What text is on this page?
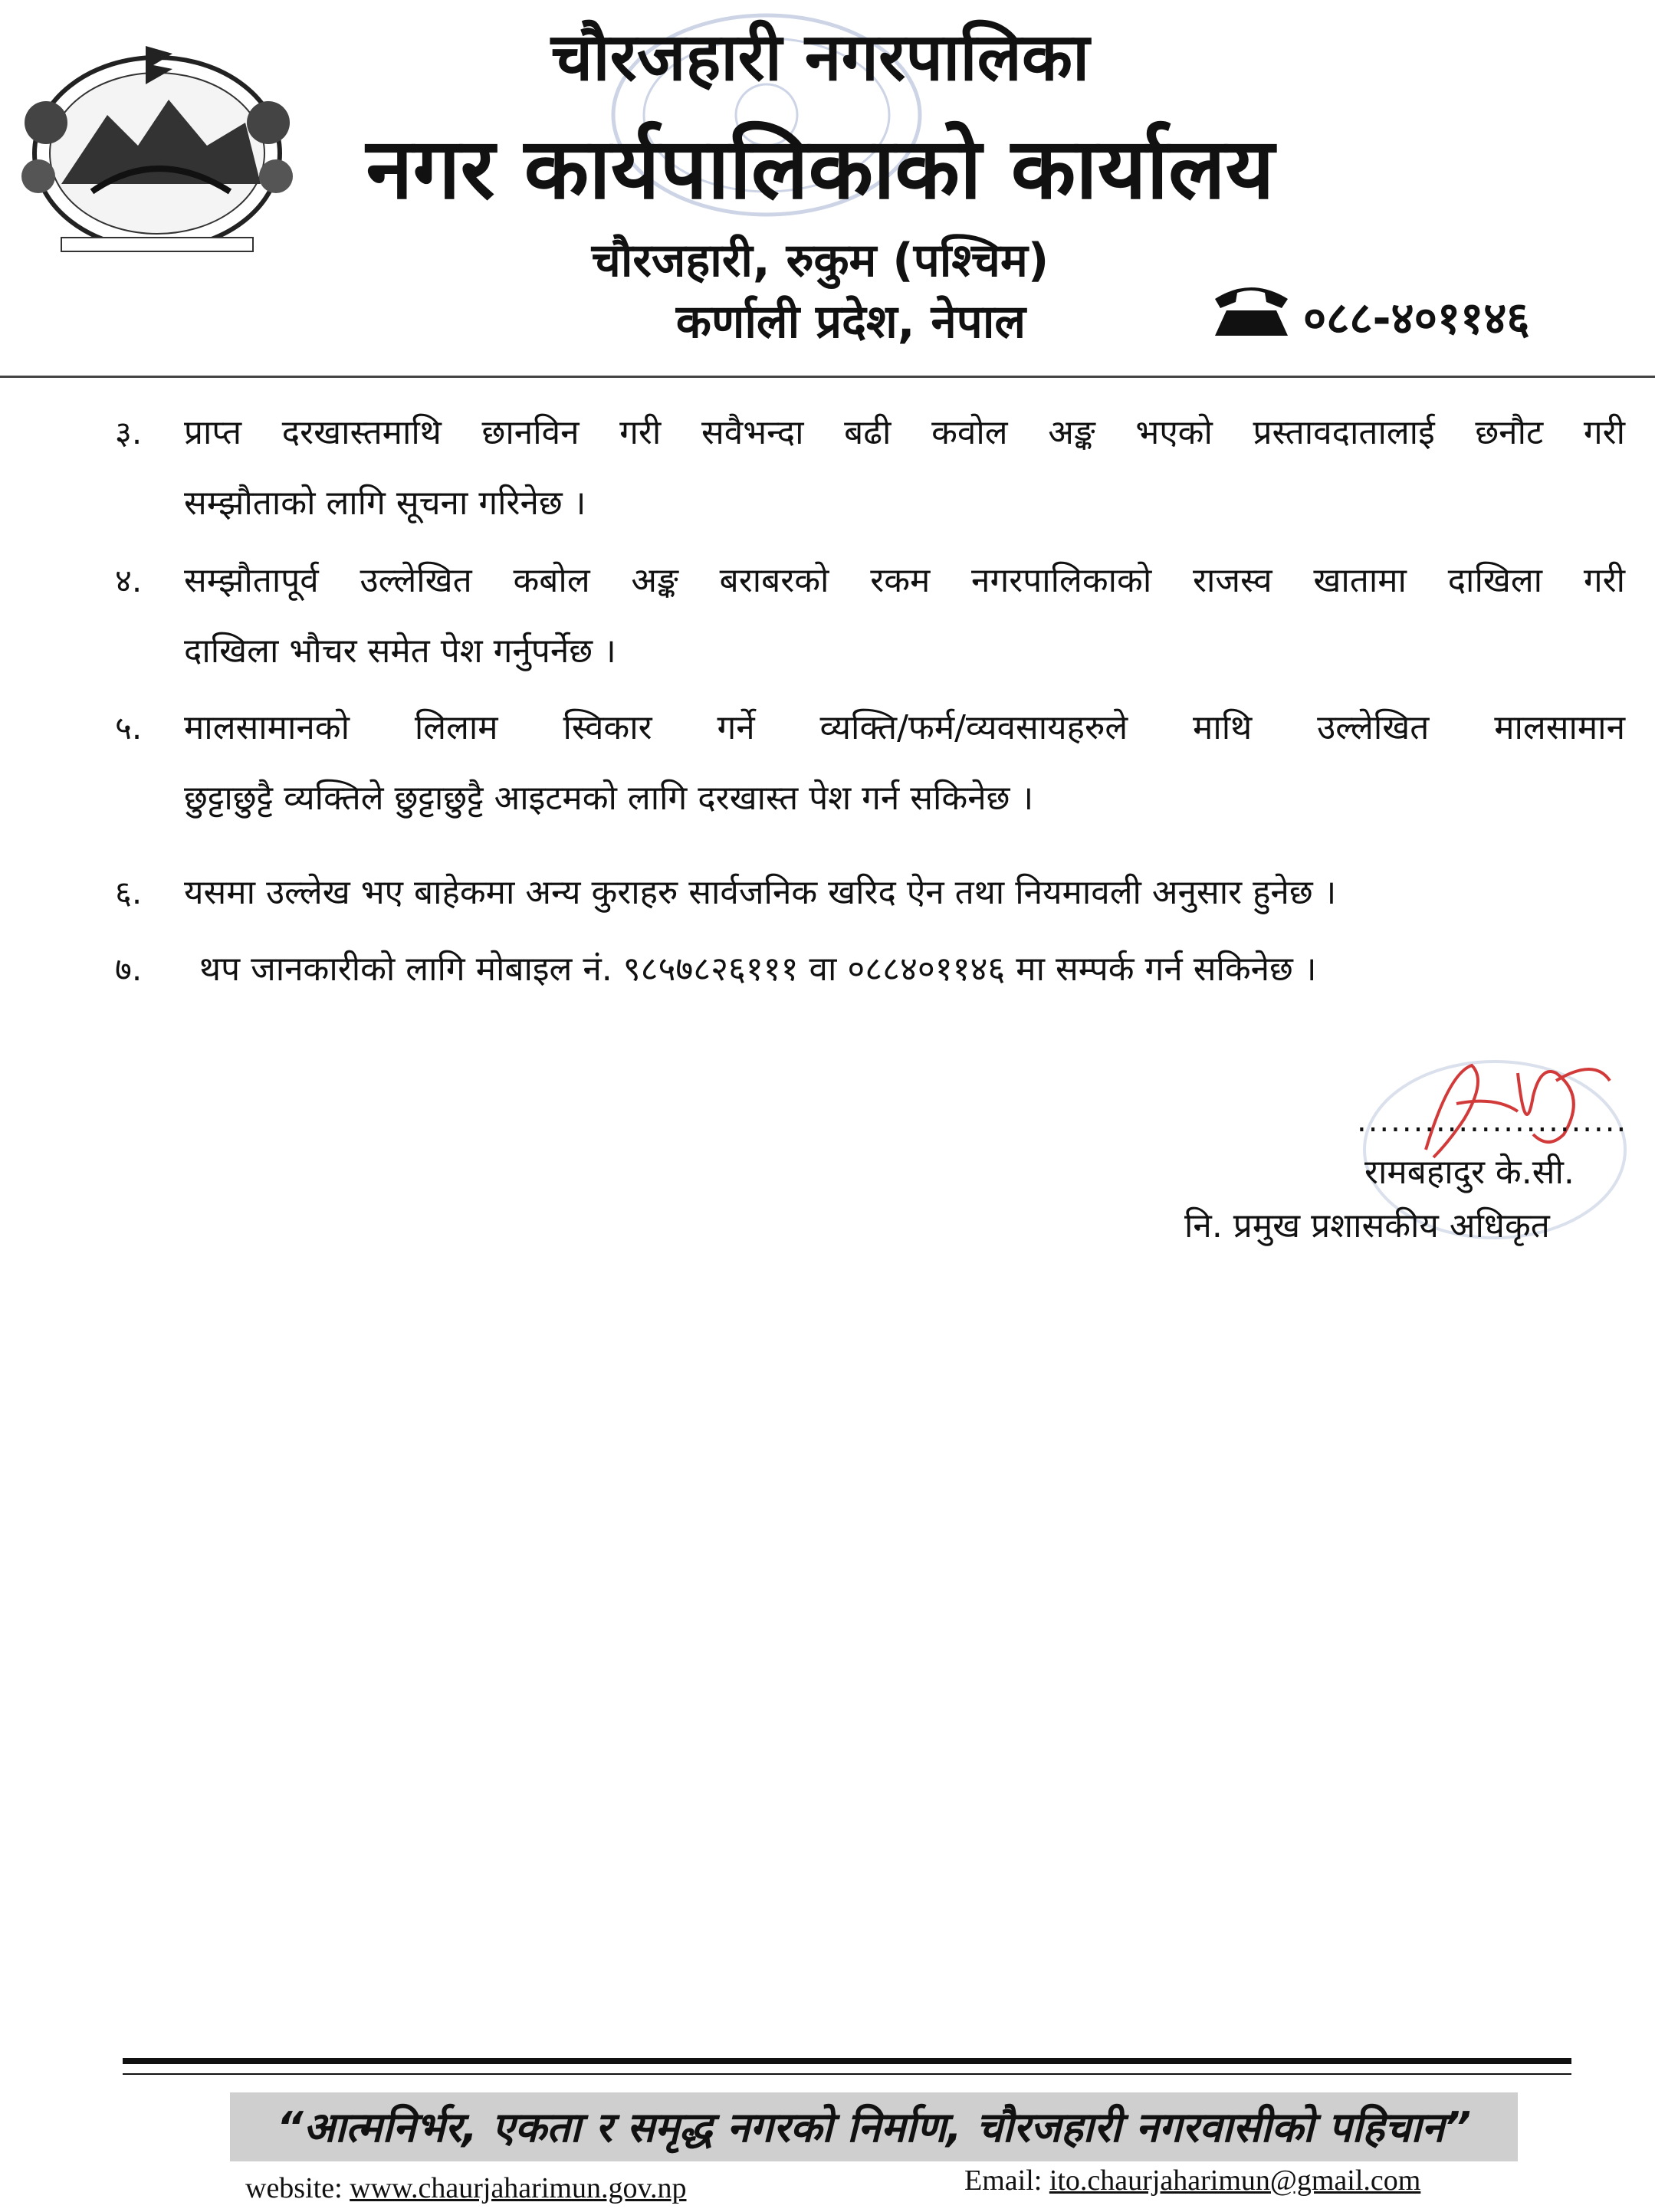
चौरजहारी नगरपालिका
नगर कार्यपालिकाको कार्यालय
चौरजहारी, रुकुम (पश्चिम)
कर्णाली प्रदेश, नेपाल	०८८-४०११४६
३. प्राप्त दरखास्तमाथि छानविन गरी सवैभन्दा बढी कवोल अङ्क भएको प्रस्तावदातालाई छनौट गरी
सम्झौताको लागि सूचना गरिनेछ ।
४. सम्झौतापूर्व उल्लेखित कबोल अङ्क बराबरको रकम नगरपालिकाको राजस्व खातामा दाखिला गरी
दाखिला भौचर समेत पेश गर्नुपर्नेछ ।
५. मालसामानको लिलाम स्विकार गर्ने व्यक्ति/फर्म/व्यवसायहरुले माथि उल्लेखित मालसामान
छुट्टाछुट्टै व्यक्तिले छुट्टाछुट्टै आइटमको लागि दरखास्त पेश गर्न सकिनेछ ।
६. यसमा उल्लेख भए बाहेकमा अन्य कुराहरु सार्वजनिक खरिद ऐन तथा नियमावली अनुसार हुनेछ ।
७. थप जानकारीको लागि मोबाइल नं. ९८५७८२६१११ वा ०८८४०११४६ मा सम्पर्क गर्न सकिनेछ ।
........................
रामबहादुर के.सी.
नि. प्रमुख प्रशासकीय अधिकृत
“आत्मनिर्भर, एकता र समृद्ध नगरको निर्माण, चौरजहारी नगरवासीको पहिचान”
website: www.chaurjaharimun.gov.np	Email: ito.chaurjaharimun@gmail.com
